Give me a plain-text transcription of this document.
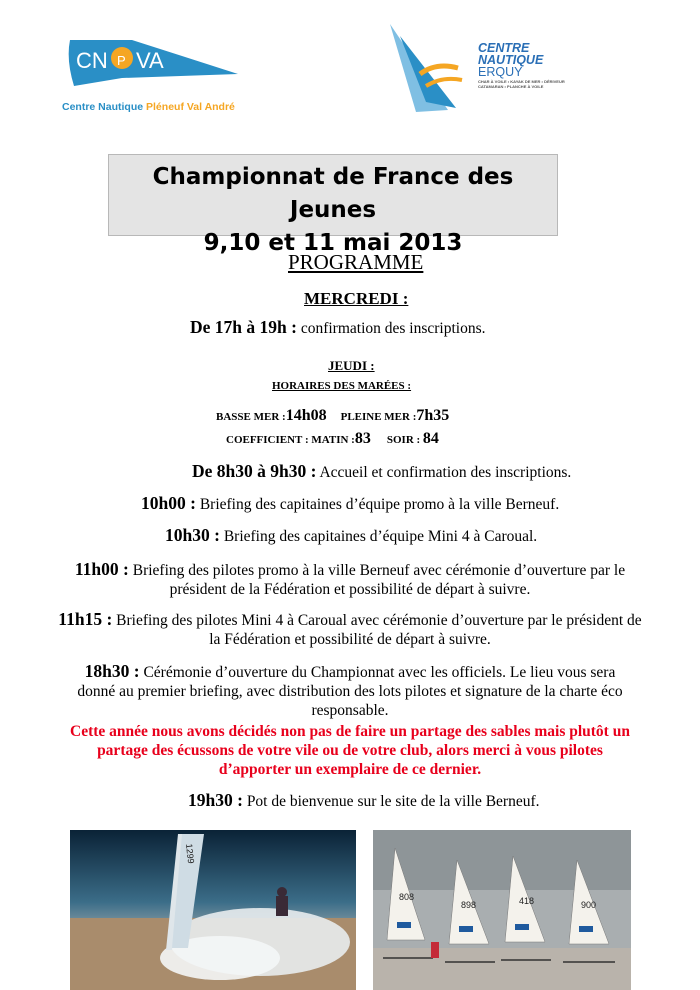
CN P VA
Centre Nautique Pléneuf Val André
CENTRE
NAUTIQUE
ERQUY
CHAR À VOILE • KAYAK DE MER • DÉRIVEUR
CATAMARAN • PLANCHE À VOILE
Championnat de France des Jeunes
9,10 et 11 mai 2013
PROGRAMME
MERCREDI :
De 17h à 19h : confirmation des inscriptions.
JEUDI :
HORAIRES DES MARÉES :
BASSE MER :14h08 PLEINE MER :7h35
COEFFICIENT : MATIN :83 SOIR : 84
De 8h30 à 9h30 : Accueil et confirmation des inscriptions.
10h00 : Briefing des capitaines d’équipe promo à la ville Berneuf.
10h30 : Briefing des capitaines d’équipe Mini 4 à Caroual.
11h00 : Briefing des pilotes promo à la ville Berneuf avec cérémonie d’ouverture par le
président de la Fédération et possibilité de départ à suivre.
11h15 : Briefing des pilotes Mini 4 à Caroual avec cérémonie d’ouverture par le président de
la Fédération et possibilité de départ à suivre.
18h30 : Cérémonie d’ouverture du Championnat avec les officiels. Le lieu vous sera
donné au premier briefing, avec distribution des lots pilotes et signature de la charte éco
responsable.
Cette année nous avons décidés non pas de faire un partage des sables mais plutôt un
partage des écussons de votre vile ou de votre club, alors merci à vous pilotes
d’apporter un exemplaire de ce dernier.
19h30 : Pot de bienvenue sur le site de la ville Berneuf.
1299
808
898	418	900
